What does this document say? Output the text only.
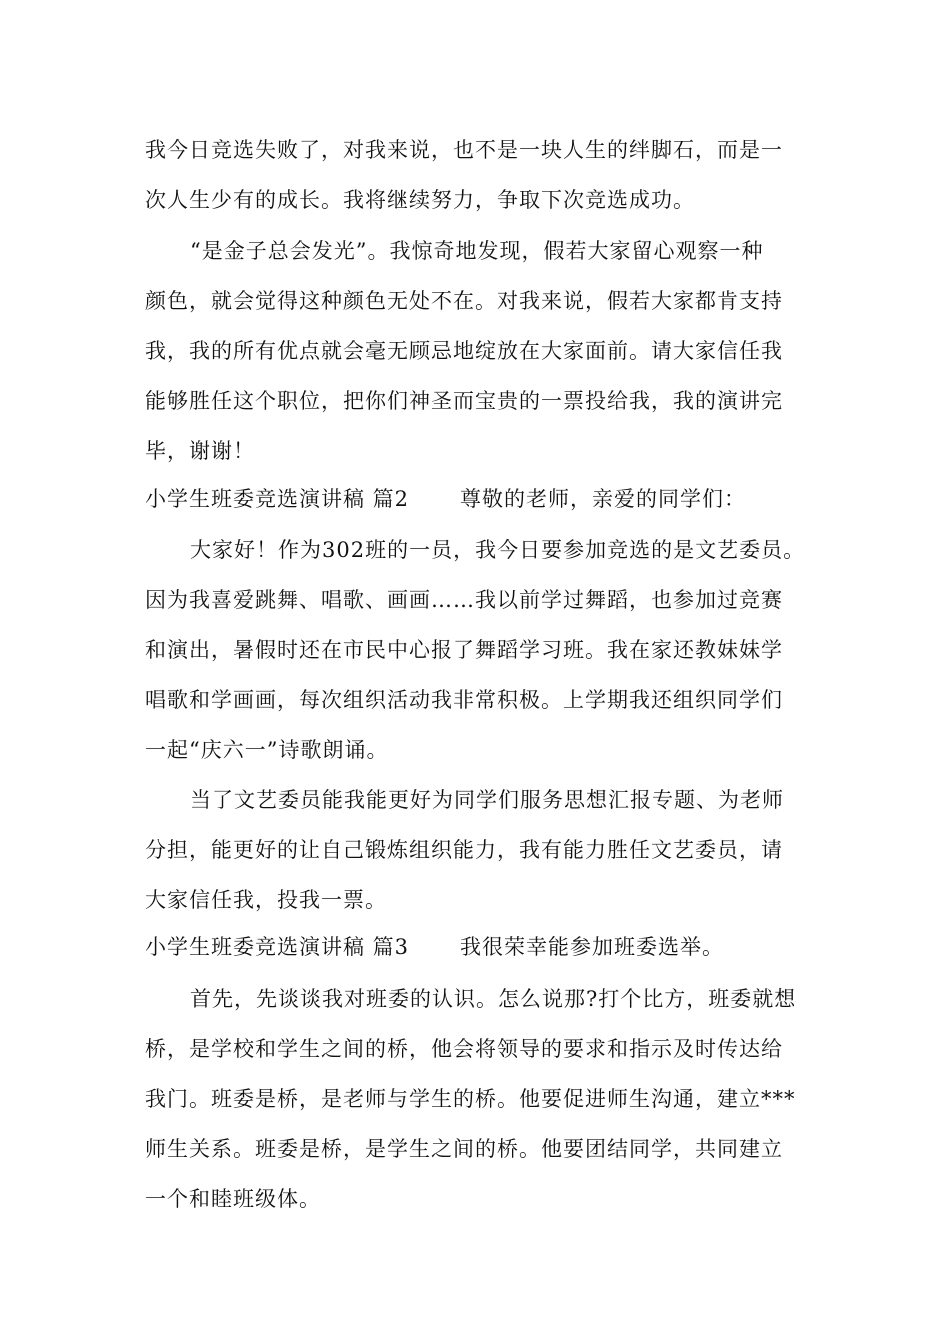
我今日竞选失败了，对我来说，也不是一块人生的绊脚石，而是一
次人生少有的成长。我将继续努力，争取下次竞选成功。
“是金子总会发光”。我惊奇地发现，假若大家留心观察一种
颜色，就会觉得这种颜色无处不在。对我来说，假若大家都肯支持
我，我的所有优点就会毫无顾忌地绽放在大家面前。请大家信任我
能够胜任这个职位，把你们神圣而宝贵的一票投给我，我的演讲完
毕，谢谢！
小学生班委竞选演讲稿 篇2 尊敬的老师，亲爱的同学们：
大家好！作为302班的一员，我今日要参加竞选的是文艺委员。
因为我喜爱跳舞、唱歌、画画……我以前学过舞蹈，也参加过竞赛
和演出，暑假时还在市民中心报了舞蹈学习班。我在家还教妹妹学
唱歌和学画画，每次组织活动我非常积极。上学期我还组织同学们
一起“庆六一”诗歌朗诵。
当了文艺委员能我能更好为同学们服务思想汇报专题、为老师
分担，能更好的让自己锻炼组织能力，我有能力胜任文艺委员，请
大家信任我，投我一票。
小学生班委竞选演讲稿 篇3 我很荣幸能参加班委选举。
首先，先谈谈我对班委的认识。怎么说那?打个比方，班委就想
桥，是学校和学生之间的桥，他会将领导的要求和指示及时传达给
我门。班委是桥，是老师与学生的桥。他要促进师生沟通，建立***
师生关系。班委是桥，是学生之间的桥。他要团结同学，共同建立
一个和睦班级体。
